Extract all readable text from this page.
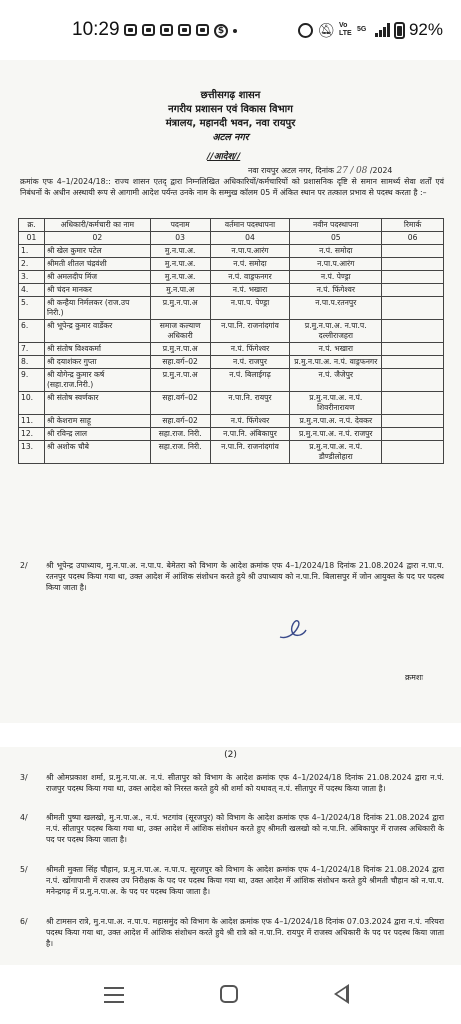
10:29	$	🔕︎ Vo LTE
5G	92%
छत्तीसगढ़ शासन
नगरीय प्रशासन एवं विकास विभाग
मंत्रालय, महानदी भवन, नवा रायपुर
अटल नगर
//आदेश//
नवा रायपुर अटल नगर, दिनांक 27 / 08 /2024
क्रमांक एफ 4–1/2024/18:: राज्य शासन एतद् द्वारा निम्नलिखित अधिकारियों/कर्मचारियों को प्रशासनिक दृष्टि से समान सामर्थ्य सेवा शर्तों एवं निबंधनों के अधीन अस्थायी रूप से आगामी आदेश पर्यन्त उनके नाम के सम्मुख कॉलम 05 में अंकित स्थान पर तत्काल प्रभाव से पदस्थ करता है :–
क्र.	अधिकारी/कर्मचारी का नाम	पदनाम	वर्तमान पदस्थापना	नवीन पदस्थापना	रिमार्क
01	02	03	04	05	06
1.	श्री खेल कुमार पटेल	मु.न.पा.अ.	न.पा.प.आरंग	न.पं. समोदा	
2.	श्रीमती शीतल चंद्रवंशी	मु.न.पा.अ.	न.पं. समोदा	न.पा.प.आरंग	
3.	श्री अमलदीप मिंज	मु.न.पा.अ.	न.पं. वाड्रफनगर	न.पं. पेण्ड्रा	
4.	श्री चंदन मानकर	मु.न.पा.अ	न.पं. भखारा	न.पं. फिंगेश्वर	
5.	श्री कन्हैया निर्मलकर (राज.उप निरी.)	प्र.मु.न.पा.अ	न.पा.प. पेण्ड्रा	न.पा.प.रतनपुर	
6.	श्री भूपेन्द्र कुमार वार्डेकर	समाज कल्याण अधिकारी	न.पा.नि. राजनांदगांव	प्र.मु.न.पा.अ. न.पा.प. दल्लीराजहरा	
7.	श्री संतोष विश्वकर्मा	प्र.मु.न.पा.अ	न.पं. फिंगेश्वर	न.पं. भखारा	
8.	श्री दयाशंकर गुप्ता	सहा.वर्ग–02	न.पं. राजपुर	प्र.मु.न.पा.अ. न.पं. वाड्रफनगर	
9.	श्री योगेन्द्र कुमार कर्ष (सहा.राज.निरी.)	प्र.मु.न.पा.अ	न.पं. बिलाईगढ़	न.पं. जैजेपुर	
10.	श्री संतोष स्वर्णकार	सहा.वर्ग–02	न.पा.नि. रायपुर	प्र.मु.न.पा.अ. न.पं. शिवरीनारायण	
11.	श्री केशराम साहू	सहा.वर्ग–02	न.पं. फिंगेश्वर	प्र.मु.न.पा.अ. न.पं. देवकर	
12.	श्री रविन्द्र लाल	सहा.राज. निरी.	न.पा.नि. अंबिकापुर	प्र.मु.न.पा.अ. न.पं. राजपुर	
13.	श्री अशोक चौबे	सहा.राज. निरी.	न.पा.नि. राजनांदगांव	प्र.मु.न.पा.अ. न.पं. डौण्डीलोहारा	
2/	श्री भूपेन्द्र उपाध्याय, मु.न.पा.अ. न.पा.प. बेमेतरा को विभाग के आदेश क्रमांक एफ 4–1/2024/18 दिनांक 21.08.2024 द्वारा न.पा.प. रतनपुर पदस्थ किया गया था, उक्त आदेश में आंशिक संशोधन करते हुये श्री उपाध्याय को न.पा.नि. बिलासपुर में जोन आयुक्त के पद पर पदस्थ किया जाता है।
क्रमशः
(2)
3/	श्री ओमप्रकाश शर्मा, प्र.मु.न.पा.अ. न.पं. सीतापुर को विभाग के आदेश क्रमांक एफ 4–1/2024/18 दिनांक 21.08.2024 द्वारा न.पं. राजपुर पदस्थ किया गया था, उक्त आदेश को निरस्त करते हुये श्री शर्मा को यथावत् न.पं. सीतापुर में पदस्थ किया जाता है।
4/	श्रीमती पुष्पा खलखो, मु.न.पा.अ., न.पं. भटगांव (सूरजपुर) को विभाग के आदेश क्रमांक एफ 4–1/2024/18 दिनांक 21.08.2024 द्वारा न.पं. सीतापुर पदस्थ किया गया था, उक्त आदेश में आंशिक संशोधन करते हुए श्रीमती खलखो को न.पा.नि. अंबिकापुर में राजस्व अधिकारी के पद पर पदस्थ किया जाता है।
5/	श्रीमती मुक्ता सिंह चौहान, प्र.मु.न.पा.अ. न.पा.प. सूरजपुर को विभाग के आदेश क्रमांक एफ 4–1/2024/18 दिनांक 21.08.2024 द्वारा न.पं. खोंगापानी में राजस्व उप निरीक्षक के पद पर पदस्थ किया गया था, उक्त आदेश में आंशिक संशोधन करते हुये श्रीमती चौहान को न.पा.प. मनेन्द्रगढ़ में प्र.मु.न.पा.अ. के पद पर पदस्थ किया जाता है।
6/	श्री टामसन रात्रे, मु.न.पा.अ. न.पा.प. महासमुंद को विभाग के आदेश क्रमांक एफ 4–1/2024/18 दिनांक 07.03.2024 द्वारा न.पं. नरियरा पदस्थ किया गया था, उक्त आदेश में आंशिक संशोधन करते हुये श्री रात्रे को न.पा.नि. रायपुर में राजस्व अधिकारी के पद पर पदस्थ किया जाता है।
